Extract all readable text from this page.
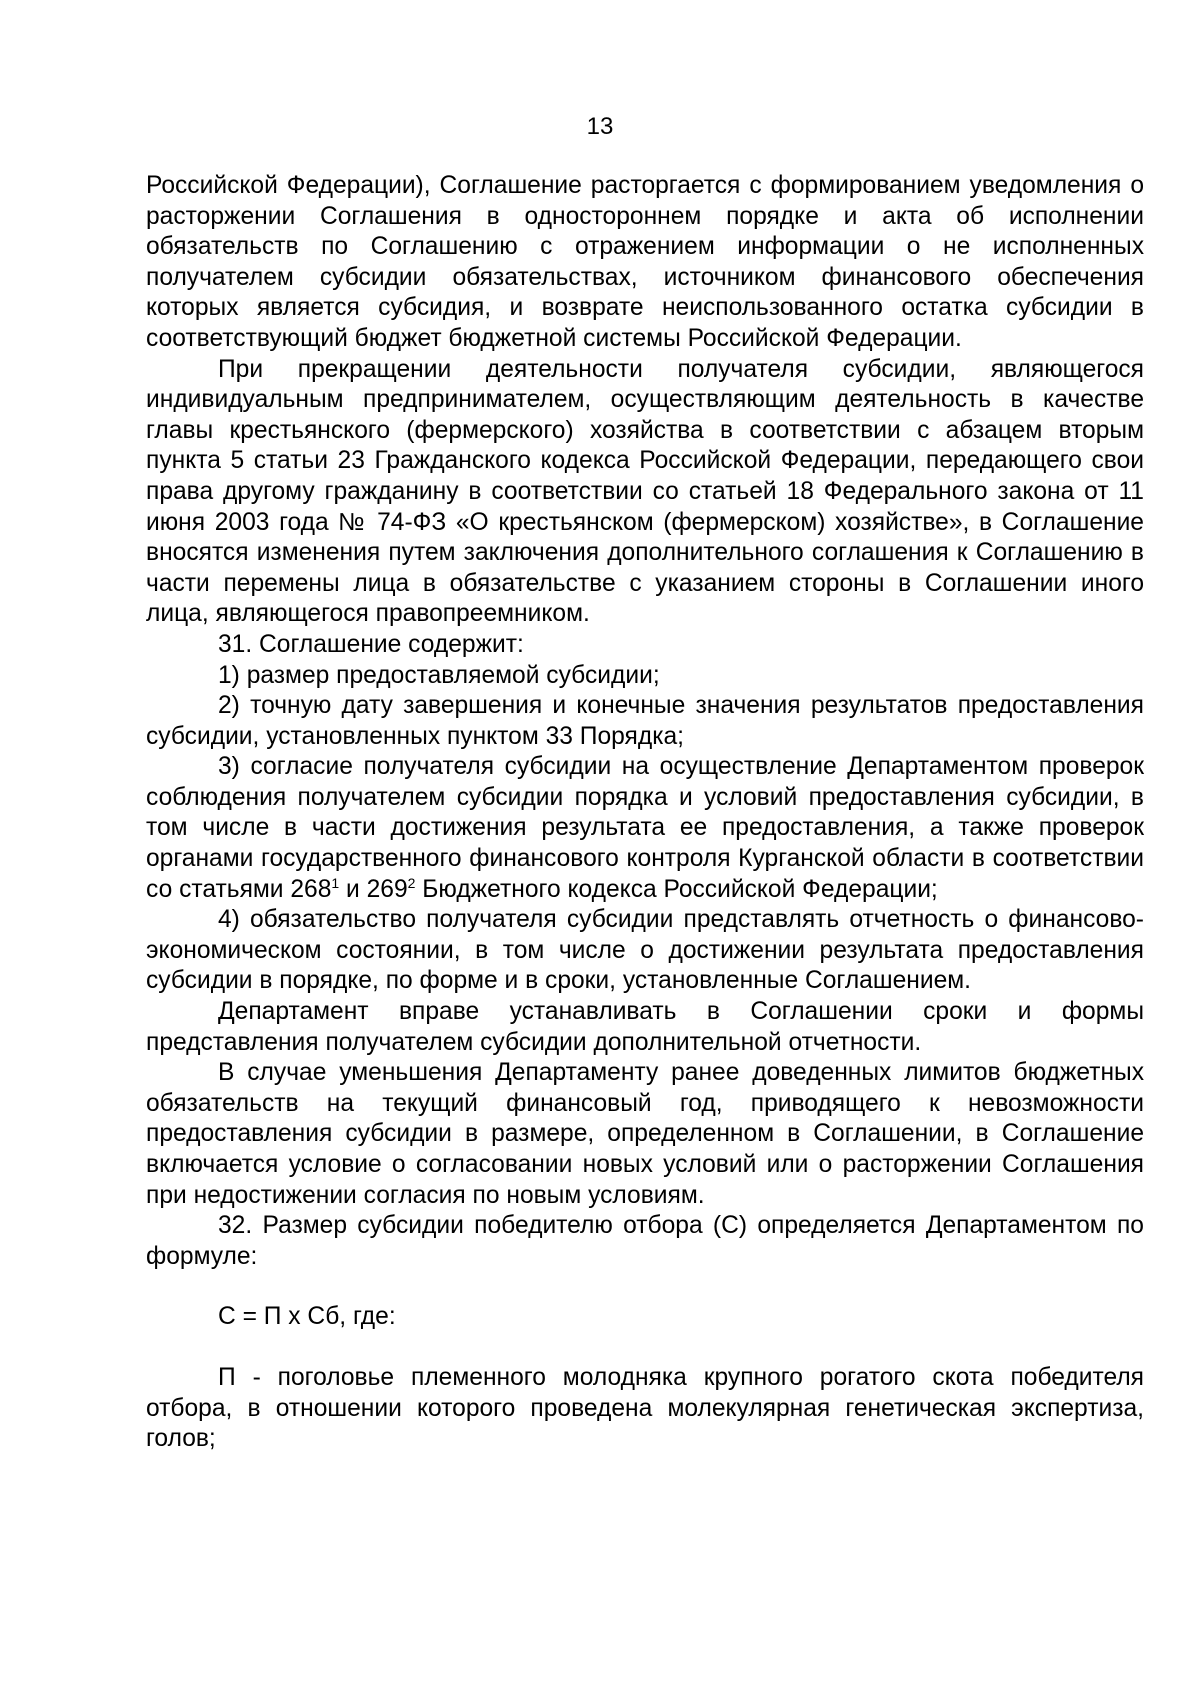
13

Российской Федерации), Соглашение расторгается с формированием уведомления о расторжении Соглашения в одностороннем порядке и акта об исполнении обязательств по Соглашению с отражением информации о не исполненных получателем субсидии обязательствах, источником финансового обеспечения которых является субсидия, и возврате неиспользованного остатка субсидии в соответствующий бюджет бюджетной системы Российской Федерации.

При прекращении деятельности получателя субсидии, являющегося индивидуальным предпринимателем, осуществляющим деятельность в качестве главы крестьянского (фермерского) хозяйства в соответствии с абзацем вторым пункта 5 статьи 23 Гражданского кодекса Российской Федерации, передающего свои права другому гражданину в соответствии со статьей 18 Федерального закона от 11 июня 2003 года № 74-ФЗ «О крестьянском (фермерском) хозяйстве», в Соглашение вносятся изменения путем заключения дополнительного соглашения к Соглашению в части перемены лица в обязательстве с указанием стороны в Соглашении иного лица, являющегося правопреемником.

31. Соглашение содержит:

1) размер предоставляемой субсидии;

2) точную дату завершения и конечные значения результатов предоставления субсидии, установленных пунктом 33 Порядка;

3) согласие получателя субсидии на осуществление Департаментом проверок соблюдения получателем субсидии порядка и условий предоставления субсидии, в том числе в части достижения результата ее предоставления, а также проверок органами государственного финансового контроля Курганской области в соответствии со статьями $268^1$ и $269^2$ Бюджетного кодекса Российской Федерации;

4) обязательство получателя субсидии представлять отчетность о финансово-экономическом состоянии, в том числе о достижении результата предоставления субсидии в порядке, по форме и в сроки, установленные Соглашением.

Департамент вправе устанавливать в Соглашении сроки и формы представления получателем субсидии дополнительной отчетности.

В случае уменьшения Департаменту ранее доведенных лимитов бюджетных обязательств на текущий финансовый год, приводящего к невозможности предоставления субсидии в размере, определенном в Соглашении, в Соглашение включается условие о согласовании новых условий или о расторжении Соглашения при недостижении согласия по новым условиям.

32. Размер субсидии победителю отбора (С) определяется Департаментом по формуле:

С = П х Сб, где:

П - поголовье племенного молодняка крупного рогатого скота победителя отбора, в отношении которого проведена молекулярная генетическая экспертиза, голов;
